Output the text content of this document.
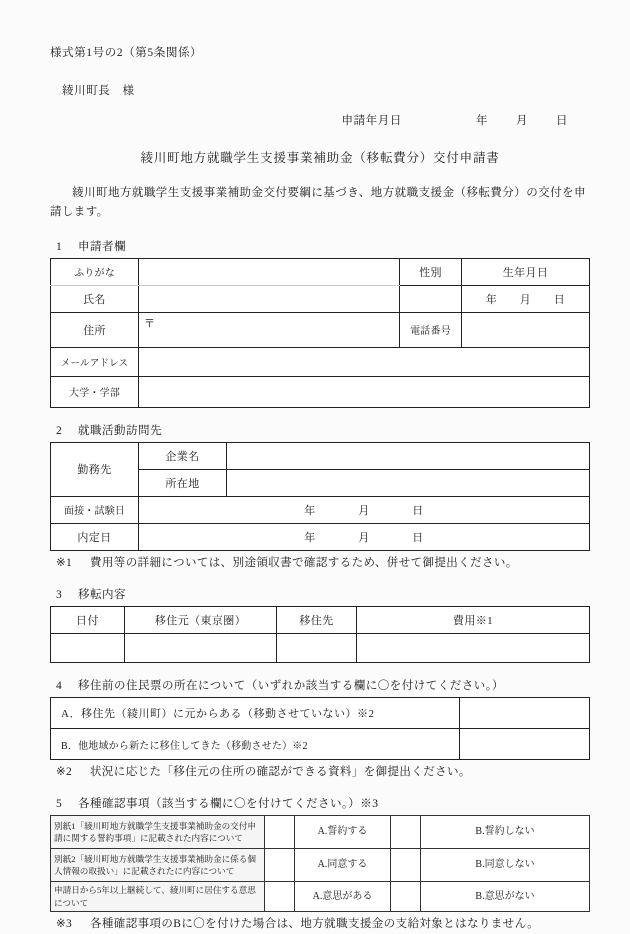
様式第1号の2（第5条関係）
綾川町長　様
申請年月日	年	月	日
綾川町地方就職学生支援事業補助金（移転費分）交付申請書
綾川町地方就職学生支援事業補助金交付要綱に基づき、地方就職支援金（移転費分）の交付を申請します。
1 申請者欄
ふりがな		性別	生年月日
氏名			年 月 日
住所	〒	電話番号	
メールアドレス			
大学・学部			
2 就職活動訪問先
勤務先	企業名	
	所在地	
面接・試験日	年 月 日	
内定日	年 月 日	
※1 費用等の詳細については、別途領収書で確認するため、併せて御提出ください。
3 移転内容
日付	移住元（東京圏）	移住先	費用※1

4 移住前の住民票の所在について（いずれか該当する欄に〇を付けてください。）
A．移住先（綾川町）に元からある（移動させていない）※2	
B．他地域から新たに移住してきた（移動させた）※2	
※2 状況に応じた「移住元の住所の確認ができる資料」を御提出ください。
5 各種確認事項（該当する欄に〇を付けてください。）※3
別紙1「綾川町地方就職学生支援事業補助金の交付申請に関する誓約事項」に記載された内容について		A.誓約する		B.誓約しない
別紙2「綾川町地方就職学生支援事業補助金に係る個人情報の取扱い」に記載されたに内容について		A.同意する		B.同意しない
申請日から5年以上継続して、綾川町に居住する意思について		A.意思がある		B.意思がない
※3 各種確認事項のBに〇を付けた場合は、地方就職支援金の支給対象とはなりません。
